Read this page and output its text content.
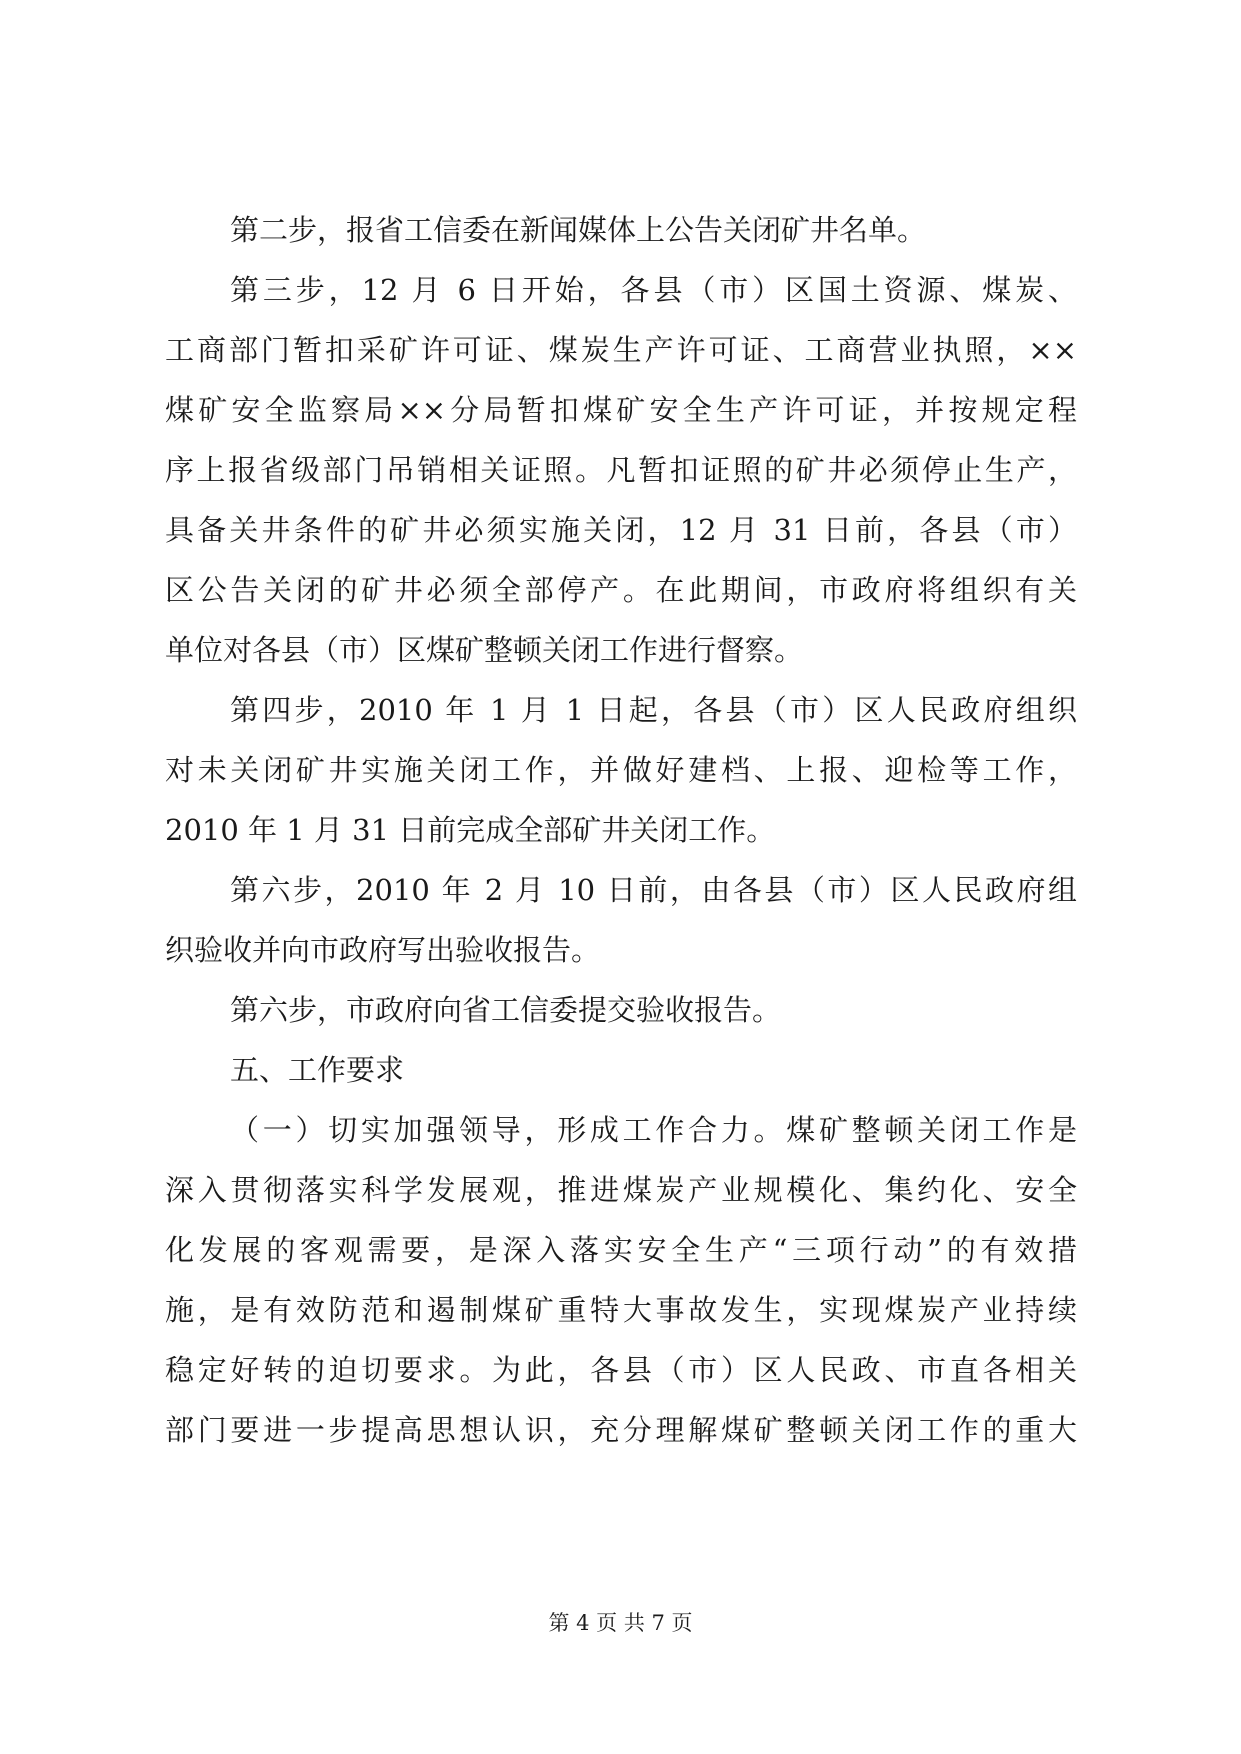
第二步，报省工信委在新闻媒体上公告关闭矿井名单。
第三步，12 月 6 日开始，各县（市）区国土资源、煤炭、
工商部门暂扣采矿许可证、煤炭生产许可证、工商营业执照，××
煤矿安全监察局××分局暂扣煤矿安全生产许可证，并按规定程
序上报省级部门吊销相关证照。凡暂扣证照的矿井必须停止生产，
具备关井条件的矿井必须实施关闭，12 月 31 日前，各县（市）
区公告关闭的矿井必须全部停产。在此期间，市政府将组织有关
单位对各县（市）区煤矿整顿关闭工作进行督察。
第四步，2010 年 1 月 1 日起，各县（市）区人民政府组织
对未关闭矿井实施关闭工作，并做好建档、上报、迎检等工作，
2010 年 1 月 31 日前完成全部矿井关闭工作。
第六步，2010 年 2 月 10 日前，由各县（市）区人民政府组
织验收并向市政府写出验收报告。
第六步，市政府向省工信委提交验收报告。
五、工作要求
（一）切实加强领导，形成工作合力。煤矿整顿关闭工作是
深入贯彻落实科学发展观，推进煤炭产业规模化、集约化、安全
化发展的客观需要，是深入落实安全生产“三项行动”的有效措
施，是有效防范和遏制煤矿重特大事故发生，实现煤炭产业持续
稳定好转的迫切要求。为此，各县（市）区人民政、市直各相关
部门要进一步提高思想认识，充分理解煤矿整顿关闭工作的重大
第 4 页 共 7 页
